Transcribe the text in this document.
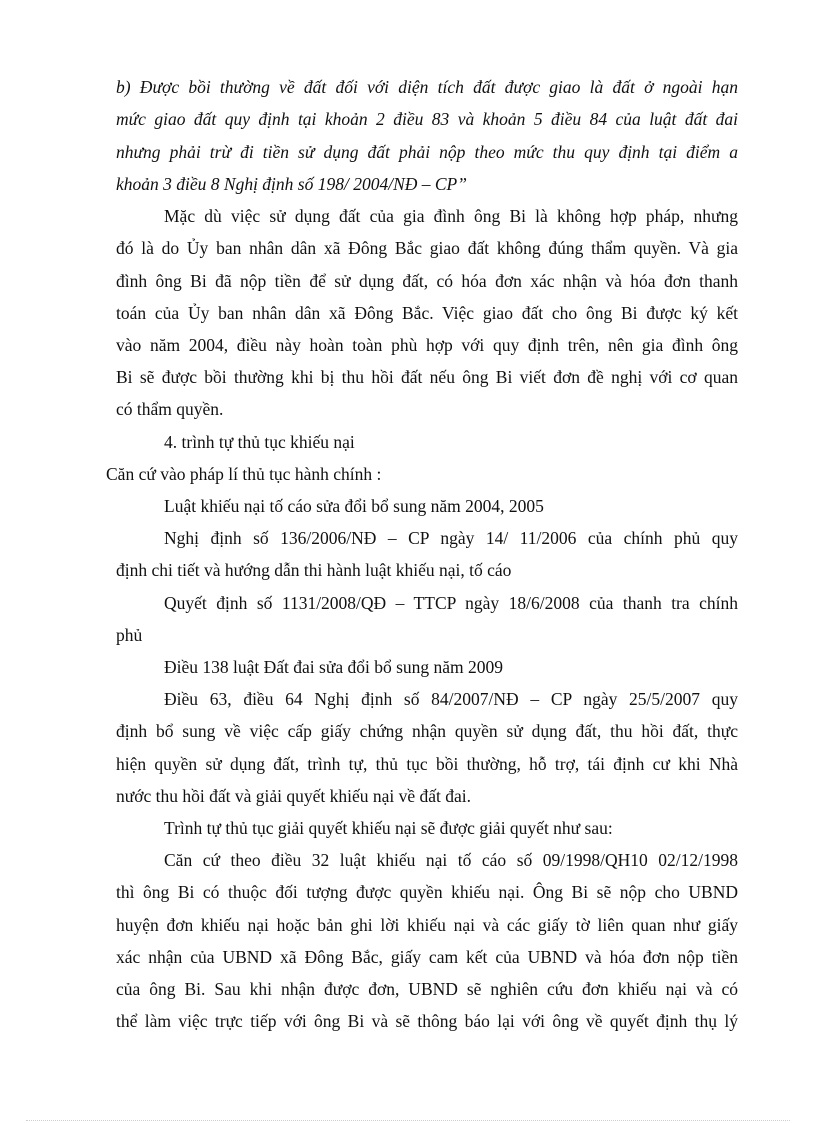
b) Được bồi thường về đất đối với diện tích đất được giao là đất ở ngoài hạn
mức giao đất quy định tại khoản 2 điều 83 và khoản 5 điều 84 của luật đất đai
nhưng phải trừ đi tiền sử dụng đất phải nộp theo mức thu quy định tại điểm a
khoản 3 điều 8 Nghị định số 198/ 2004/NĐ – CP”
Mặc dù việc sử dụng đất của gia đình ông Bi là không hợp pháp, nhưng
đó là do Ủy ban nhân dân xã Đông Bắc giao đất không đúng thẩm quyền. Và gia
đình ông Bi đã nộp tiền để sử dụng đất, có hóa đơn xác nhận và hóa đơn thanh
toán của Ủy ban nhân dân xã Đông Bắc. Việc giao đất cho ông Bi được ký kết
vào năm 2004, điều này hoàn toàn phù hợp với quy định trên, nên gia đình ông
Bi sẽ được bồi thường khi bị thu hồi đất nếu ông Bi viết đơn đề nghị với cơ quan
có thẩm quyền.
4. trình tự thủ tục khiếu nại
Căn cứ vào pháp lí thủ tục hành chính :
Luật khiếu nại tố cáo sửa đổi bổ sung năm 2004, 2005
Nghị định số 136/2006/NĐ – CP ngày 14/ 11/2006 của chính phủ quy
định chi tiết và hướng dẫn thi hành luật khiếu nại, tố cáo
Quyết định số 1131/2008/QĐ – TTCP ngày 18/6/2008 của thanh tra chính
phủ
Điều 138 luật Đất đai sửa đổi bổ sung năm 2009
Điều 63, điều 64 Nghị định số 84/2007/NĐ – CP ngày 25/5/2007 quy
định bổ sung về việc cấp giấy chứng nhận quyền sử dụng đất, thu hồi đất, thực
hiện quyền sử dụng đất, trình tự, thủ tục bồi thường, hỗ trợ, tái định cư khi Nhà
nước thu hồi đất và giải quyết khiếu nại về đất đai.
Trình tự thủ tục giải quyết khiếu nại sẽ được giải quyết như sau:
Căn cứ theo điều 32 luật khiếu nại tố cáo số 09/1998/QH10 02/12/1998
thì ông Bi có thuộc đối tượng được quyền khiếu nại. Ông Bi sẽ nộp cho UBND
huyện đơn khiếu nại hoặc bản ghi lời khiếu nại và các giấy tờ liên quan như giấy
xác nhận của UBND xã Đông Bắc, giấy cam kết của UBND và hóa đơn nộp tiền
của ông Bi. Sau khi nhận được đơn, UBND sẽ nghiên cứu đơn khiếu nại và có
thể làm việc trực tiếp với ông Bi và sẽ thông báo lại với ông về quyết định thụ lý
